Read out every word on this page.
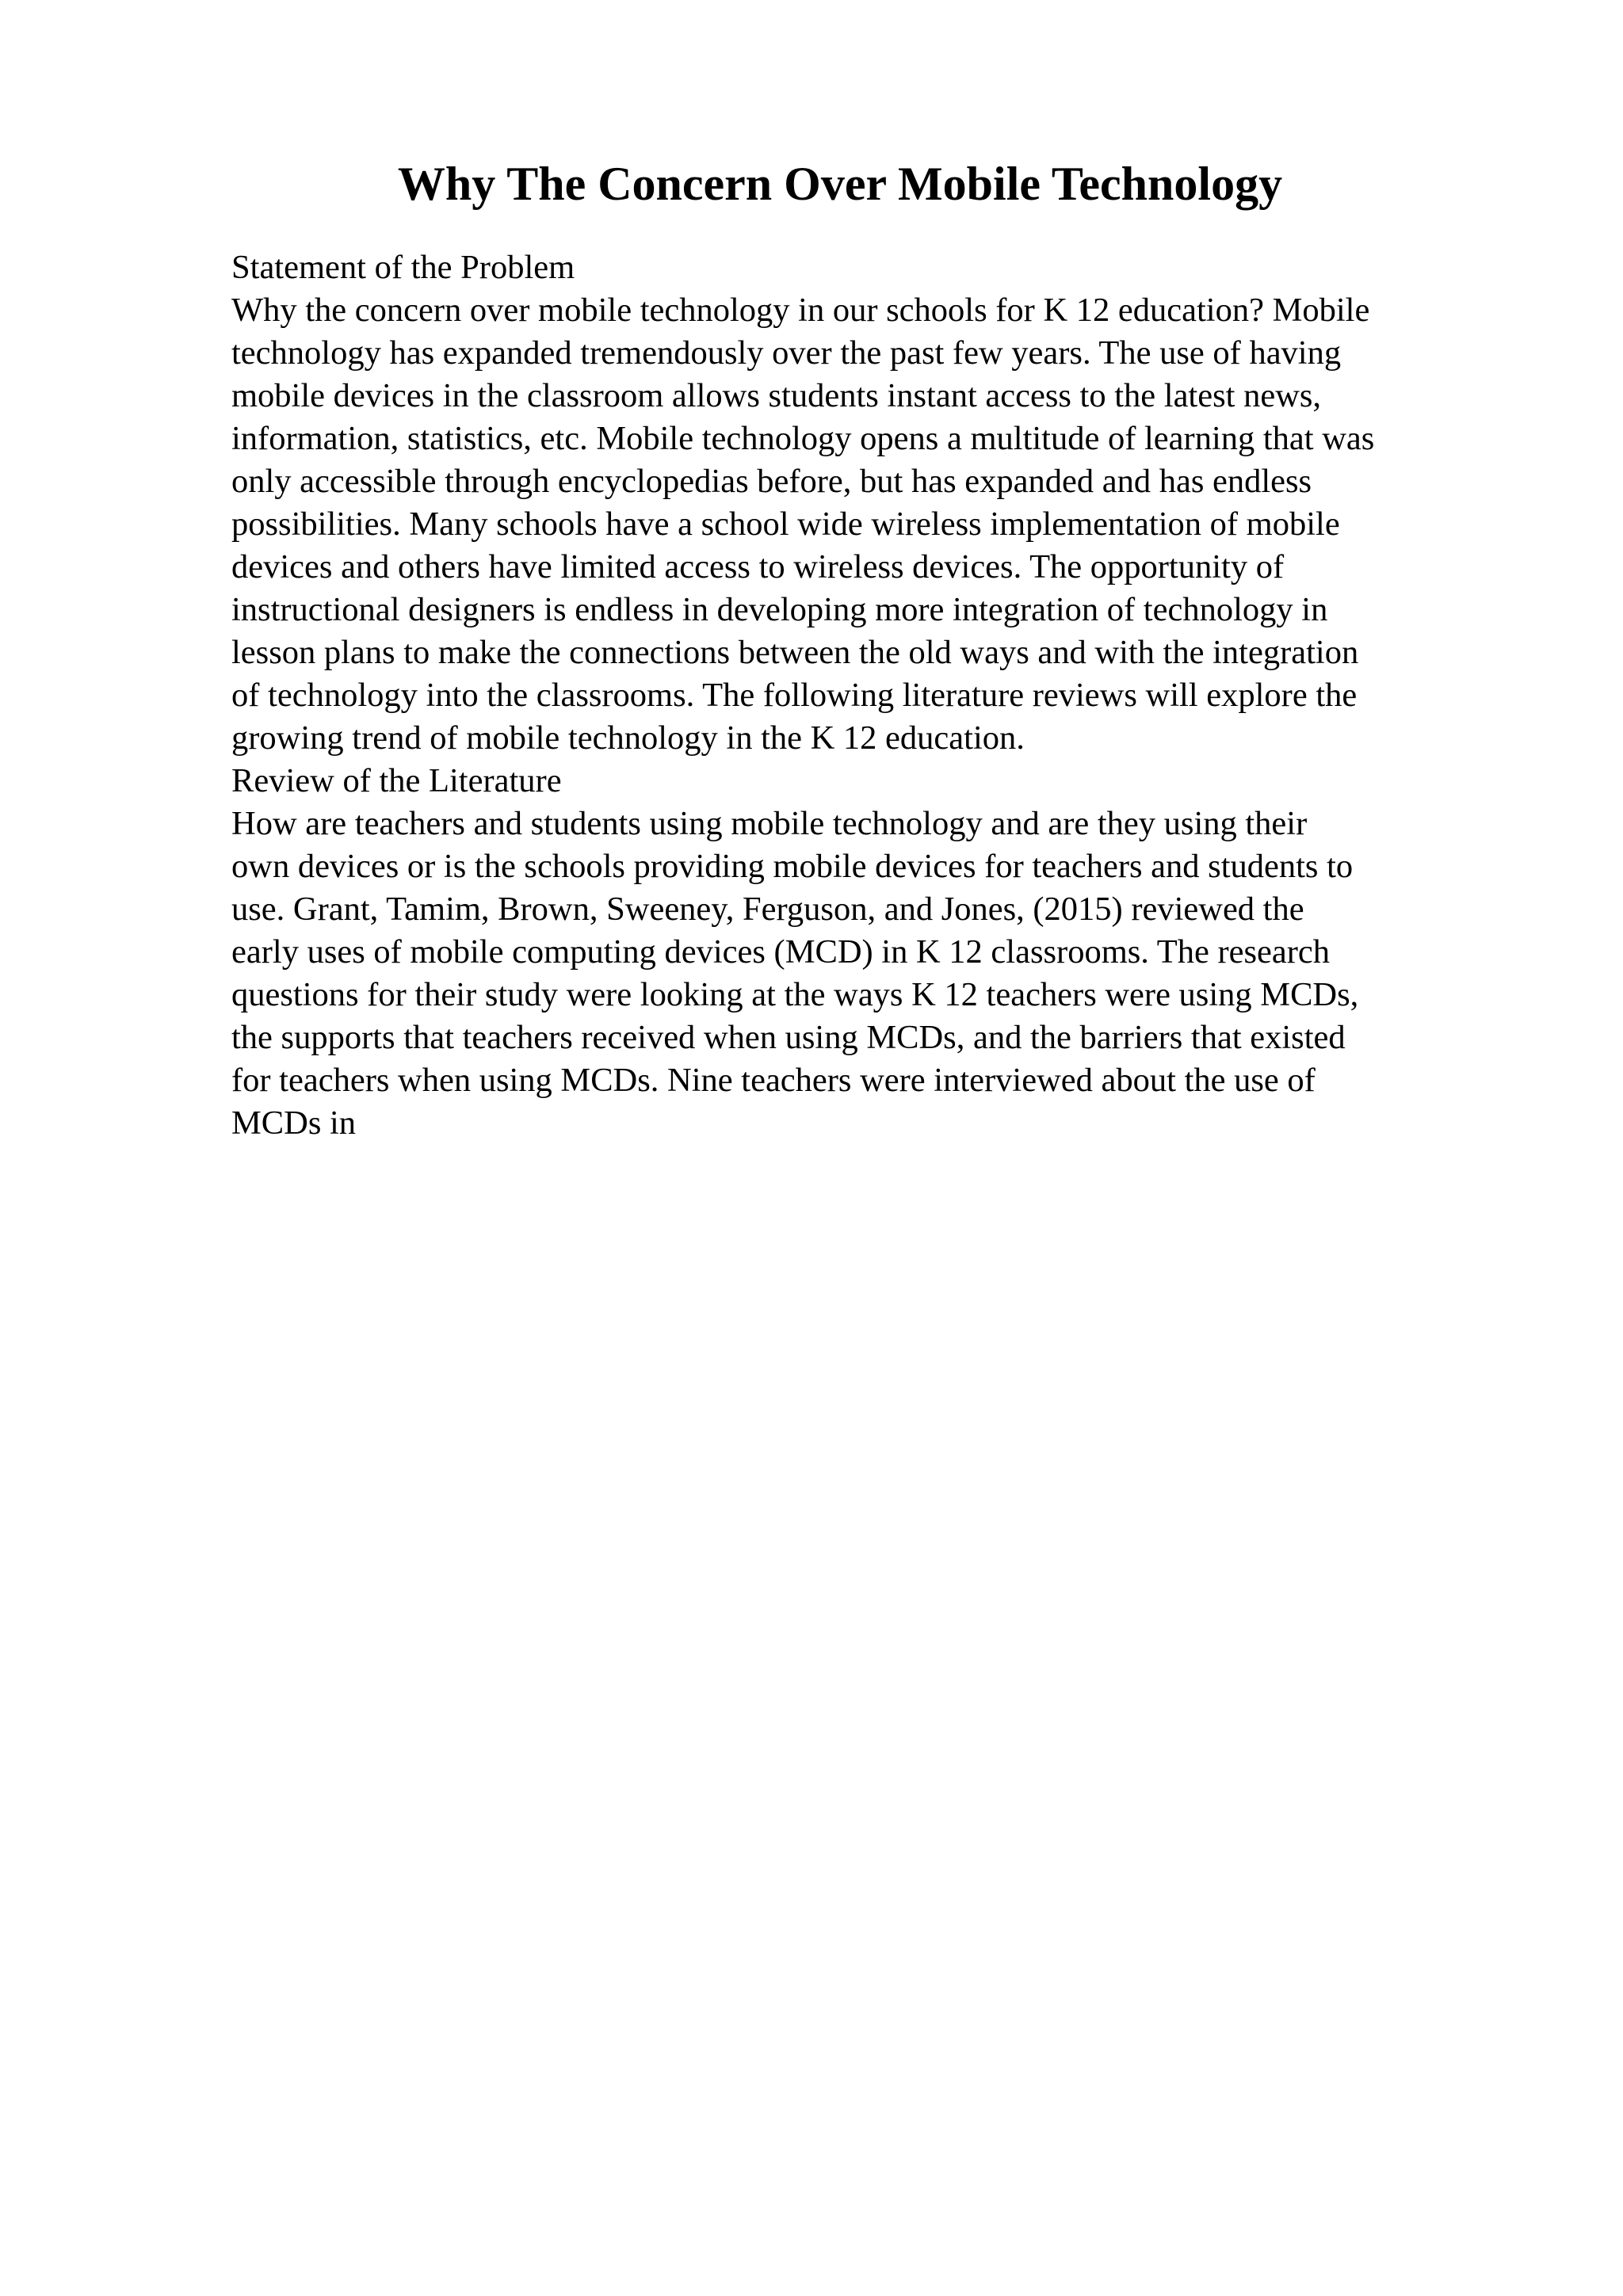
Why The Concern Over Mobile Technology
Statement of the Problem
Why the concern over mobile technology in our schools for K 12 education? Mobile
technology has expanded tremendously over the past few years. The use of having
mobile devices in the classroom allows students instant access to the latest news,
information, statistics, etc. Mobile technology opens a multitude of learning that was
only accessible through encyclopedias before, but has expanded and has endless
possibilities. Many schools have a school wide wireless implementation of mobile
devices and others have limited access to wireless devices. The opportunity of
instructional designers is endless in developing more integration of technology in
lesson plans to make the connections between the old ways and with the integration
of technology into the classrooms. The following literature reviews will explore the
growing trend of mobile technology in the K 12 education.
Review of the Literature
How are teachers and students using mobile technology and are they using their
own devices or is the schools providing mobile devices for teachers and students to
use. Grant, Tamim, Brown, Sweeney, Ferguson, and Jones, (2015) reviewed the
early uses of mobile computing devices (MCD) in K 12 classrooms. The research
questions for their study were looking at the ways K 12 teachers were using MCDs,
the supports that teachers received when using MCDs, and the barriers that existed
for teachers when using MCDs. Nine teachers were interviewed about the use of
MCDs in
